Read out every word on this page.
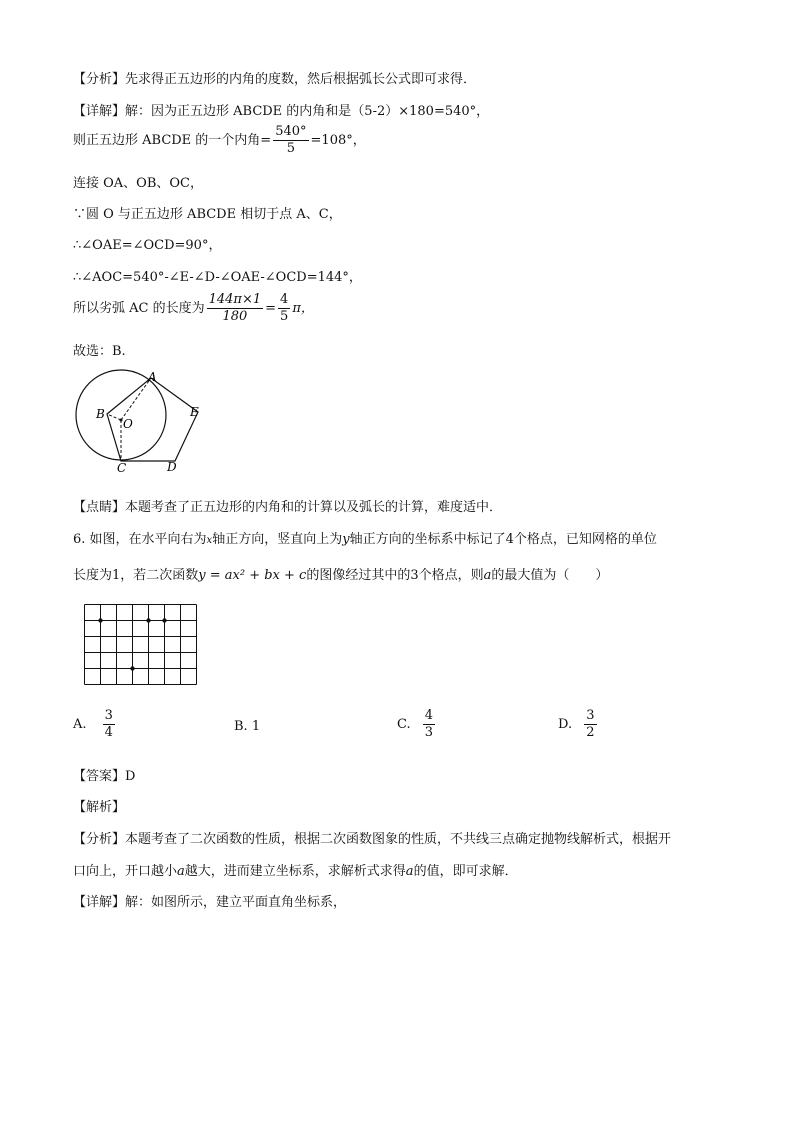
【分析】先求得正五边形的内角的度数，然后根据弧长公式即可求得．
【详解】解：因为正五边形 ABCDE 的内角和是（5-2）×180=540°，
则正五边形 ABCDE 的一个内角= $\frac{540^\circ}{5} =108^\circ$，
连接 OA、OB、OC，
∵圆 O 与正五边形 ABCDE 相切于点 A、C，
∴∠OAE=∠OCD=90°，
∴∠AOC=540°-∠E-∠D-∠OAE-∠OCD=144°，
所以劣弧 AC 的长度为 $\frac{144\pi\times 1}{180} = \frac{4}{5}$ π，
故选：B.
A
B
C	D
E
O
【点睛】本题考查了正五边形的内角和的计算以及弧长的计算，难度适中．
6. 如图，在水平向右为x轴正方向，竖直向上为y轴正方向的坐标系中标记了4个格点，已知网格的单位
长度为1，若二次函数y = ax² + bx + c的图像经过其中的3个格点，则a的最大值为（　　）
A. $\frac{3}{4}$	B. 1	C. $\frac{4}{3}$	D. $\frac{3}{2}$
【答案】D
【解析】
【分析】本题考查了二次函数的性质，根据二次函数图象的性质，不共线三点确定抛物线解析式，根据开
口向上，开口越小a越大，进而建立坐标系，求解析式求得a的值，即可求解．
【详解】解：如图所示，建立平面直角坐标系，
